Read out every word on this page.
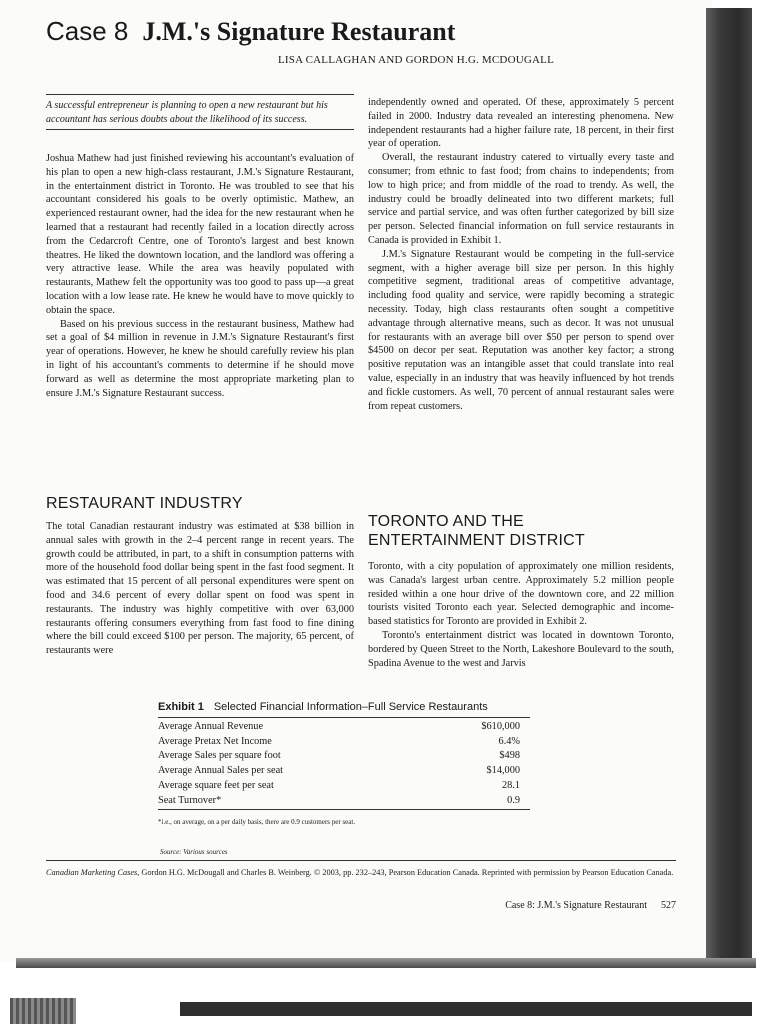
Case 8 J.M.'s Signature Restaurant
LISA CALLAGHAN AND GORDON H.G. MCDOUGALL
A successful entrepreneur is planning to open a new restaurant but his accountant has serious doubts about the likelihood of its success.

Joshua Mathew had just finished reviewing his accountant's evaluation of his plan to open a new high-class restaurant, J.M.'s Signature Restaurant, in the entertainment district in Toronto. He was troubled to see that his accountant considered his goals to be overly optimistic. Mathew, an experienced restaurant owner, had the idea for the new restaurant when he learned that a restaurant had recently failed in a location directly across from the Cedarcroft Centre, one of Toronto's largest and best known theatres. He liked the downtown location, and the landlord was offering a very attractive lease. While the area was heavily populated with restaurants, Mathew felt the opportunity was too good to pass up—a great location with a low lease rate. He knew he would have to move quickly to obtain the space.

Based on his previous success in the restaurant business, Mathew had set a goal of $4 million in revenue in J.M.'s Signature Restaurant's first year of operations. However, he knew he should carefully review his plan in light of his accountant's comments to determine if he should move forward as well as determine the most appropriate marketing plan to ensure J.M.'s Signature Restaurant success.

RESTAURANT INDUSTRY

The total Canadian restaurant industry was estimated at $38 billion in annual sales with growth in the 2–4 percent range in recent years. The growth could be attributed, in part, to a shift in consumption patterns with more of the household food dollar being spent in the fast food segment. It was estimated that 15 percent of all personal expenditures were spent on food and 34.6 percent of every dollar spent on food was spent in restaurants. The industry was highly competitive with over 63,000 restaurants offering consumers everything from fast food to fine dining where the bill could exceed $100 per person. The majority, 65 percent, of restaurants were

independently owned and operated. Of these, approximately 5 percent failed in 2000. Industry data revealed an interesting phenomena. New independent restaurants had a higher failure rate, 18 percent, in their first year of operation.

Overall, the restaurant industry catered to virtually every taste and consumer; from ethnic to fast food; from chains to independents; from low to high price; and from middle of the road to trendy. As well, the industry could be broadly delineated into two different markets; full service and partial service, and was often further categorized by bill size per person. Selected financial information on full service restaurants in Canada is provided in Exhibit 1.

J.M.'s Signature Restaurant would be competing in the full-service segment, with a higher average bill size per person. In this highly competitive segment, traditional areas of competitive advantage, including food quality and service, were rapidly becoming a strategic necessity. Today, high class restaurants often sought a competitive advantage through alternative means, such as decor. It was not unusual for restaurants with an average bill over $50 per person to spend over $4500 on decor per seat. Reputation was another key factor; a strong positive reputation was an intangible asset that could translate into real value, especially in an industry that was heavily influenced by hot trends and fickle customers. As well, 70 percent of annual restaurant sales were from repeat customers.

TORONTO AND THE
ENTERTAINMENT DISTRICT

Toronto, with a city population of approximately one million residents, was Canada's largest urban centre. Approximately 5.2 million people resided within a one hour drive of the downtown core, and 22 million tourists visited Toronto each year. Selected demographic and income-based statistics for Toronto are provided in Exhibit 2.

Toronto's entertainment district was located in downtown Toronto, bordered by Queen Street to the North, Lakeshore Boulevard to the south, Spadina Avenue to the west and Jarvis

Exhibit 1 Selected Financial Information–Full Service Restaurants
Average Annual Revenue	$610,000
Average Pretax Net Income	6.4%
Average Sales per square foot	$498
Average Annual Sales per seat	$14,000
Average square feet per seat	28.1
Seat Turnover*	0.9
*i.e., on average, on a per daily basis, there are 0.9 customers per seat.
Source: Various sources
Canadian Marketing Cases, Gordon H.G. McDougall and Charles B. Weinberg. © 2003, pp. 232–243, Pearson Education Canada. Reprinted with permission by Pearson Education Canada.
Case 8: J.M.'s Signature Restaurant 527
